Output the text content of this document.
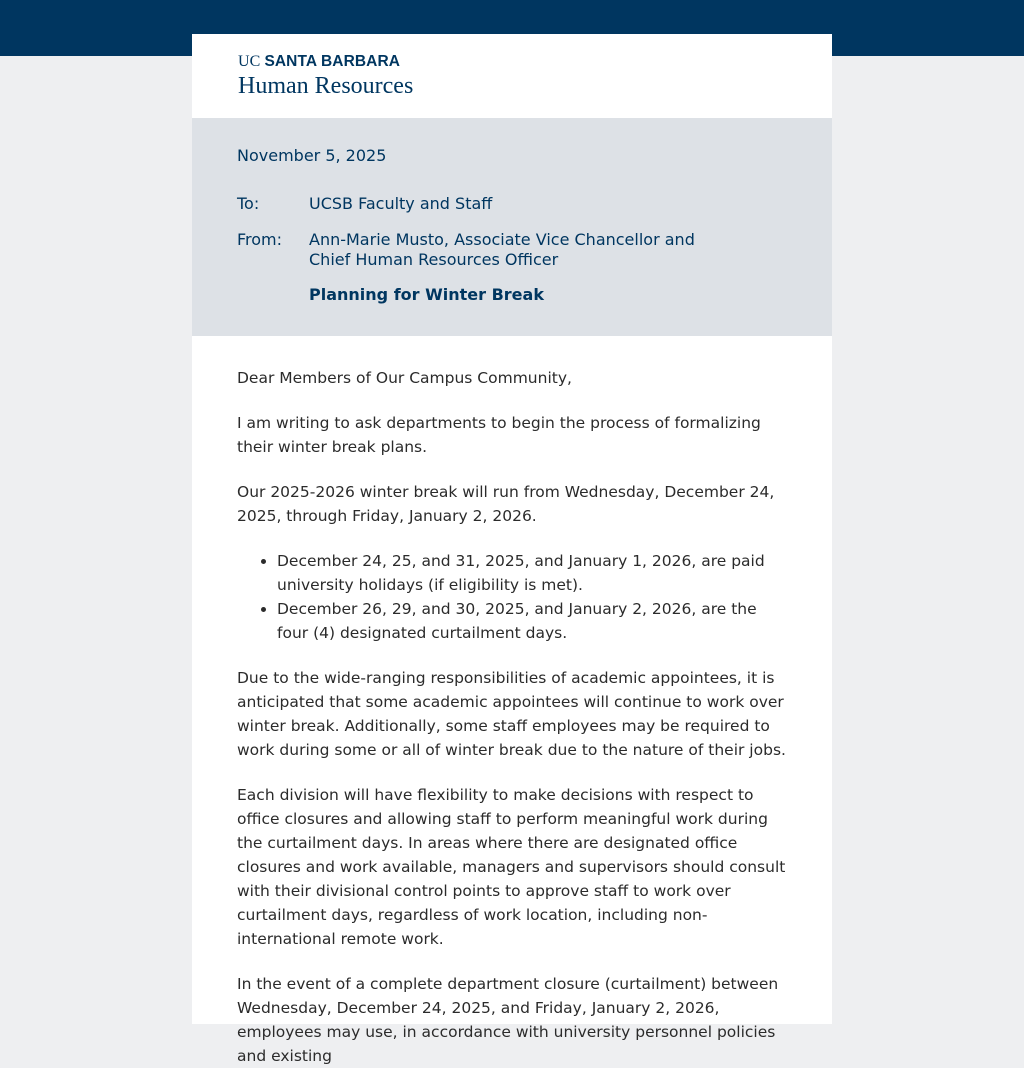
UC SANTA BARBARA
Human Resources
November 5, 2025
To:	UCSB Faculty and Staff
From: Ann-Marie Musto, Associate Vice Chancellor and
Chief Human Resources Officer
Planning for Winter Break

Dear Members of Our Campus Community,

I am writing to ask departments to begin the process of formalizing their winter break plans.

Our 2025-2026 winter break will run from Wednesday, December 24, 2025, through Friday, January 2, 2026.

• December 24, 25, and 31, 2025, and January 1, 2026, are paid university holidays (if eligibility is met).
• December 26, 29, and 30, 2025, and January 2, 2026, are the four (4) designated curtailment days.

Due to the wide-ranging responsibilities of academic appointees, it is anticipated that some academic appointees will continue to work over winter break. Additionally, some staff employees may be required to work during some or all of winter break due to the nature of their jobs.

Each division will have flexibility to make decisions with respect to office closures and allowing staff to perform meaningful work during the curtailment days. In areas where there are designated office closures and work available, managers and supervisors should consult with their divisional control points to approve staff to work over curtailment days, regardless of work location, including non-international remote work.

In the event of a complete department closure (curtailment) between Wednesday, December 24, 2025, and Friday, January 2, 2026, employees may use, in accordance with university personnel policies and existing
